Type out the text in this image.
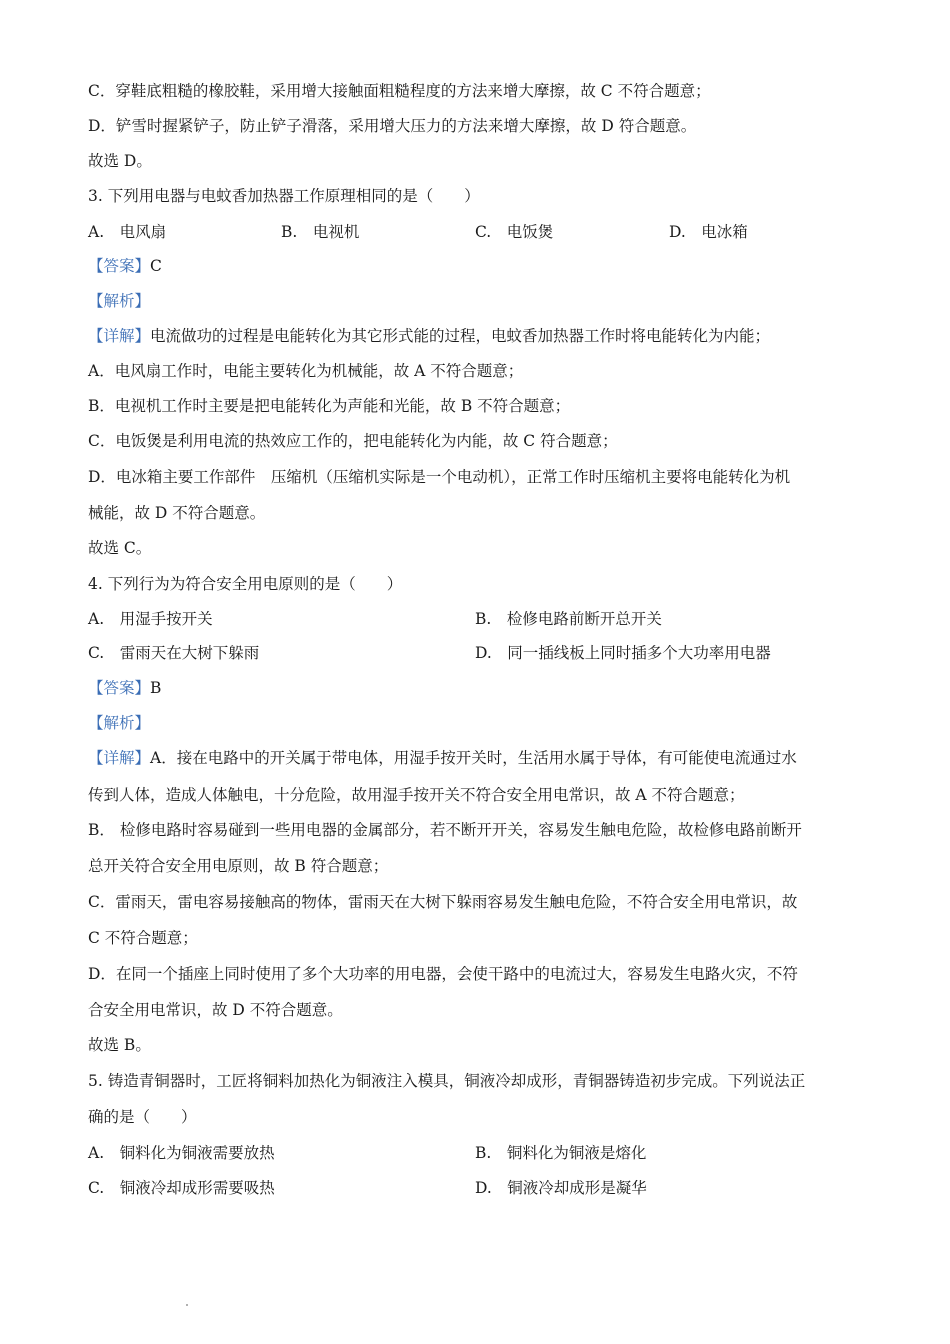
C．穿鞋底粗糙的橡胶鞋，采用增大接触面粗糙程度的方法来增大摩擦，故 C 不符合题意；
D．铲雪时握紧铲子，防止铲子滑落，采用增大压力的方法来增大摩擦，故 D 符合题意。
故选 D。
3. 下列用电器与电蚊香加热器工作原理相同的是（　　）
A.　电风扇	B.　电视机	C.　电饭煲	D.　电冰箱
【答案】C
【解析】
【详解】电流做功的过程是电能转化为其它形式能的过程，电蚊香加热器工作时将电能转化为内能；
A．电风扇工作时，电能主要转化为机械能，故 A 不符合题意；
B．电视机工作时主要是把电能转化为声能和光能，故 B 不符合题意；
C．电饭煲是利用电流的热效应工作的，把电能转化为内能，故 C 符合题意；
D．电冰箱主要工作部件　压缩机（压缩机实际是一个电动机），正常工作时压缩机主要将电能转化为机
械能，故 D 不符合题意。
故选 C。
4. 下列行为为符合安全用电原则的是（　　）
A.　用湿手按开关	B.　检修电路前断开总开关
C.　雷雨天在大树下躲雨	D.　同一插线板上同时插多个大功率用电器
【答案】B
【解析】
【详解】A．接在电路中的开关属于带电体，用湿手按开关时，生活用水属于导体，有可能使电流通过水
传到人体，造成人体触电，十分危险，故用湿手按开关不符合安全用电常识，故 A 不符合题意；
B． 检修电路时容易碰到一些用电器的金属部分，若不断开开关，容易发生触电危险，故检修电路前断开
总开关符合安全用电原则，故 B 符合题意；
C．雷雨天，雷电容易接触高的物体，雷雨天在大树下躲雨容易发生触电危险，不符合安全用电常识，故
C 不符合题意；
D．在同一个插座上同时使用了多个大功率的用电器，会使干路中的电流过大，容易发生电路火灾，不符
合安全用电常识，故 D 不符合题意。
故选 B。
5. 铸造青铜器时，工匠将铜料加热化为铜液注入模具，铜液冷却成形，青铜器铸造初步完成。下列说法正
确的是（　　）
A.　铜料化为铜液需要放热	B.　铜料化为铜液是熔化
C.　铜液冷却成形需要吸热	D.　铜液冷却成形是凝华
